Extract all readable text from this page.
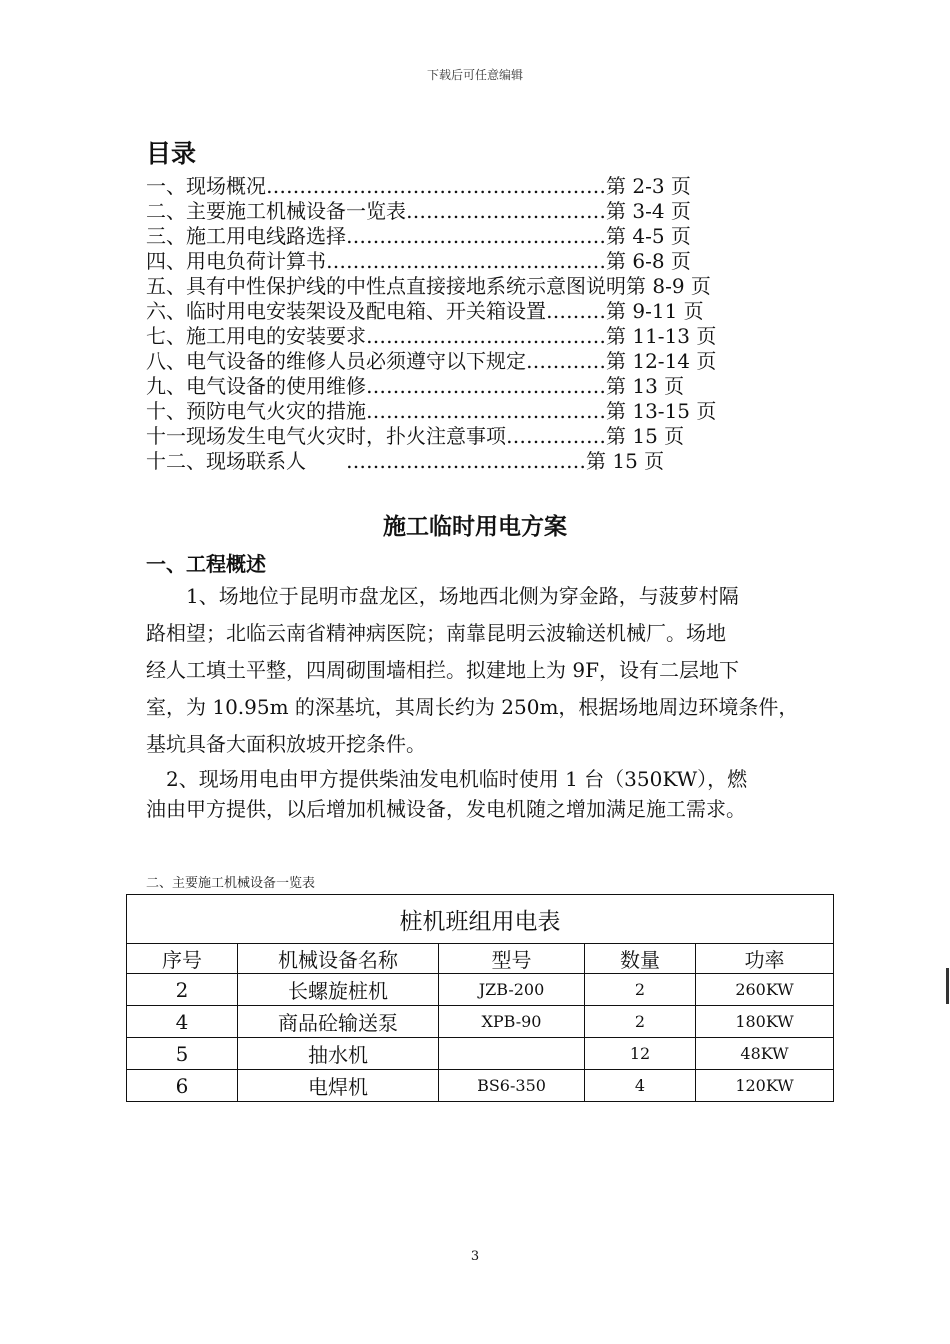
下载后可任意编辑
目录
一、现场概况……………………………………………第 2-3 页
二、主要施工机械设备一览表…………………………第 3-4 页
三、施工用电线路选择…………………………………第 4-5 页
四、用电负荷计算书……………………………………第 6-8 页
五、具有中性保护线的中性点直接接地系统示意图说明第 8-9 页
六、临时用电安装架设及配电箱、开关箱设置………第 9-11 页
七、施工用电的安装要求………………………………第 11-13 页
八、电气设备的维修人员必须遵守以下规定…………第 12-14 页
九、电气设备的使用维修………………………………第 13 页
十、预防电气火灾的措施………………………………第 13-15 页
十一现场发生电气火灾时，扑火注意事项……………第 15 页
十二、现场联系人　　………………………………第 15 页
施工临时用电方案
一、工程概述
　　1、场地位于昆明市盘龙区，场地西北侧为穿金路，与菠萝村隔
路相望；北临云南省精神病医院；南靠昆明云波输送机械厂。场地
经人工填土平整，四周砌围墙相拦。拟建地上为 9F，设有二层地下
室，为 10.95m 的深基坑，其周长约为 250m，根据场地周边环境条件，
基坑具备大面积放坡开挖条件。
　2、现场用电由甲方提供柴油发电机临时使用 1 台（350KW），燃
油由甲方提供，以后增加机械设备，发电机随之增加满足施工需求。
二、主要施工机械设备一览表
桩机班组用电表				
序号	机械设备名称	型号	数量	功率
2	长螺旋桩机	JZB-200	2	260KW
4	商品砼输送泵	XPB-90	2	180KW
5	抽水机		12	48KW
6	电焊机	BS6-350	4	120KW
3
